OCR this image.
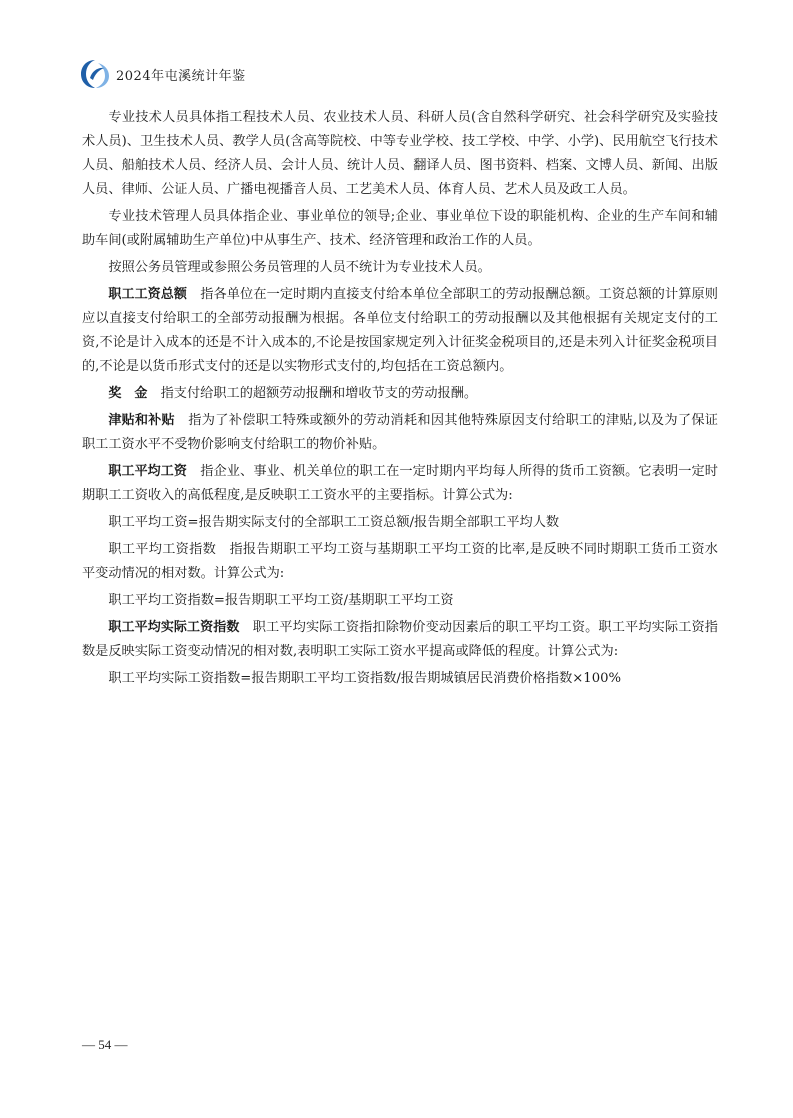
2024年屯溪统计年鉴

专业技术人员具体指工程技术人员、农业技术人员、科研人员(含自然科学研究、社会科学研究及实验技术人员)、卫生技术人员、教学人员(含高等院校、中等专业学校、技工学校、中学、小学)、民用航空飞行技术人员、船舶技术人员、经济人员、会计人员、统计人员、翻译人员、图书资料、档案、文博人员、新闻、出版人员、律师、公证人员、广播电视播音人员、工艺美术人员、体育人员、艺术人员及政工人员。

专业技术管理人员具体指企业、事业单位的领导;企业、事业单位下设的职能机构、企业的生产车间和辅助车间(或附属辅助生产单位)中从事生产、技术、经济管理和政治工作的人员。

按照公务员管理或参照公务员管理的人员不统计为专业技术人员。

职工工资总额　指各单位在一定时期内直接支付给本单位全部职工的劳动报酬总额。工资总额的计算原则应以直接支付给职工的全部劳动报酬为根据。各单位支付给职工的劳动报酬以及其他根据有关规定支付的工资,不论是计入成本的还是不计入成本的,不论是按国家规定列入计征奖金税项目的,还是未列入计征奖金税项目的,不论是以货币形式支付的还是以实物形式支付的,均包括在工资总额内。

奖　金　指支付给职工的超额劳动报酬和增收节支的劳动报酬。

津贴和补贴　指为了补偿职工特殊或额外的劳动消耗和因其他特殊原因支付给职工的津贴,以及为了保证职工工资水平不受物价影响支付给职工的物价补贴。

职工平均工资　指企业、事业、机关单位的职工在一定时期内平均每人所得的货币工资额。它表明一定时期职工工资收入的高低程度,是反映职工工资水平的主要指标。计算公式为:

职工平均工资=报告期实际支付的全部职工工资总额/报告期全部职工平均人数

职工平均工资指数　指报告期职工平均工资与基期职工平均工资的比率,是反映不同时期职工货币工资水平变动情况的相对数。计算公式为:

职工平均工资指数=报告期职工平均工资/基期职工平均工资

职工平均实际工资指数　职工平均实际工资指扣除物价变动因素后的职工平均工资。职工平均实际工资指数是反映实际工资变动情况的相对数,表明职工实际工资水平提高或降低的程度。计算公式为:

职工平均实际工资指数=报告期职工平均工资指数/报告期城镇居民消费价格指数×100%

— 54 —
